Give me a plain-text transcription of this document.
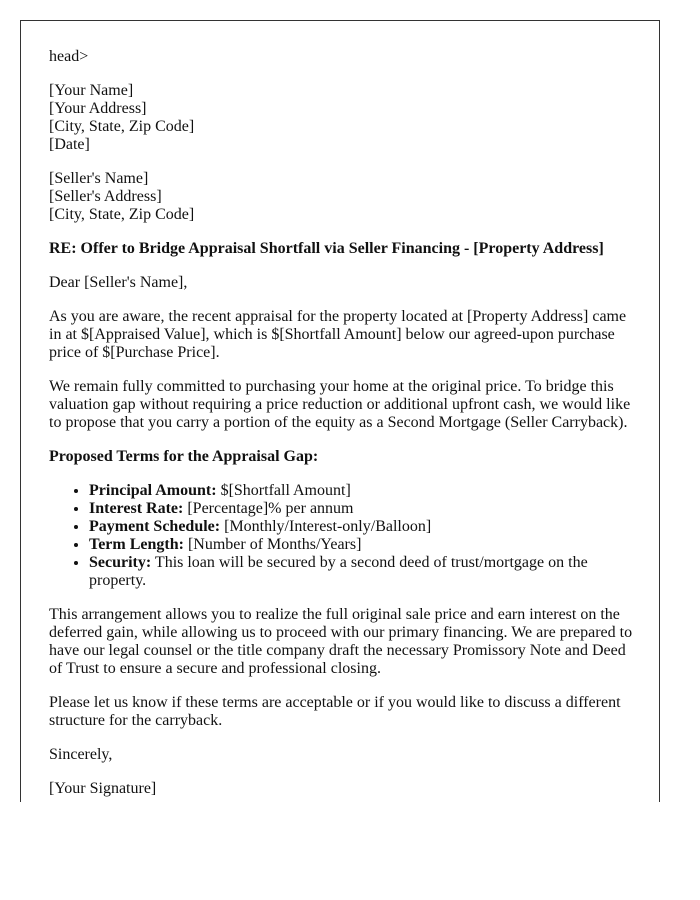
head>

[Your Name]
[Your Address]
[City, State, Zip Code]
[Date]
[Seller's Name]
[Seller's Address]
[City, State, Zip Code]

RE: Offer to Bridge Appraisal Shortfall via Seller Financing - [Property Address]

Dear [Seller's Name],

As you are aware, the recent appraisal for the property located at [Property Address] came in at $[Appraised Value], which is $[Shortfall Amount] below our agreed-upon purchase price of $[Purchase Price].

We remain fully committed to purchasing your home at the original price. To bridge this valuation gap without requiring a price reduction or additional upfront cash, we would like to propose that you carry a portion of the equity as a Second Mortgage (Seller Carryback).

Proposed Terms for the Appraisal Gap:

• Principal Amount: $[Shortfall Amount]
• Interest Rate: [Percentage]% per annum
• Payment Schedule: [Monthly/Interest-only/Balloon]
• Term Length: [Number of Months/Years]
• Security: This loan will be secured by a second deed of trust/mortgage on the property.

This arrangement allows you to realize the full original sale price and earn interest on the deferred gain, while allowing us to proceed with our primary financing. We are prepared to have our legal counsel or the title company draft the necessary Promissory Note and Deed of Trust to ensure a secure and professional closing.

Please let us know if these terms are acceptable or if you would like to discuss a different structure for the carryback.

Sincerely,

[Your Signature]
